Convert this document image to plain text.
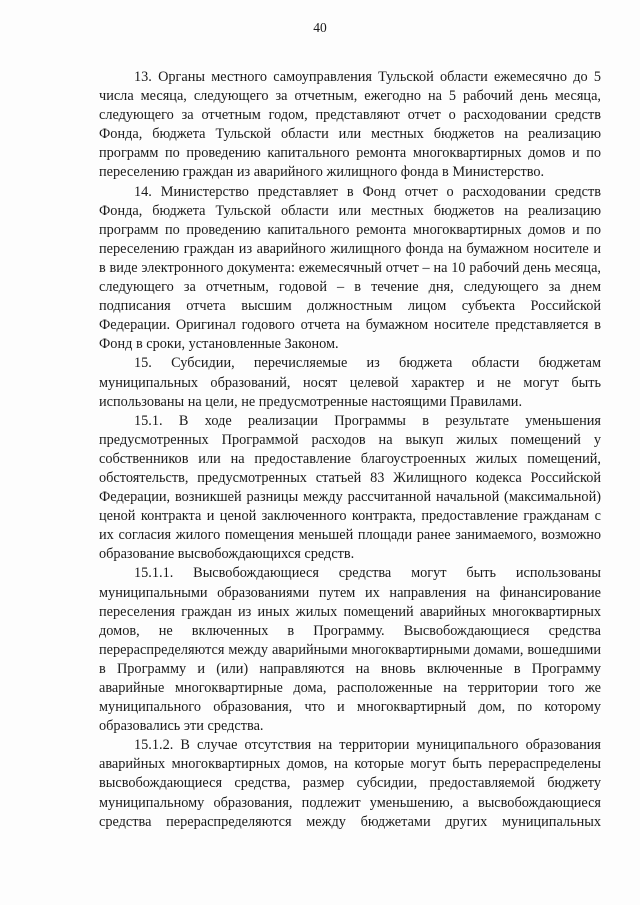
40

13. Органы местного самоуправления Тульской области ежемесячно до 5 числа месяца, следующего за отчетным, ежегодно на 5 рабочий день месяца, следующего за отчетным годом, представляют отчет о расходовании средств Фонда, бюджета Тульской области или местных бюджетов на реализацию программ по проведению капитального ремонта многоквартирных домов и по переселению граждан из аварийного жилищного фонда в Министерство.

14. Министерство представляет в Фонд отчет о расходовании средств Фонда, бюджета Тульской области или местных бюджетов на реализацию программ по проведению капитального ремонта многоквартирных домов и по переселению граждан из аварийного жилищного фонда на бумажном носителе и в виде электронного документа: ежемесячный отчет – на 10 рабочий день месяца, следующего за отчетным, годовой – в течение дня, следующего за днем подписания отчета высшим должностным лицом субъекта Российской Федерации. Оригинал годового отчета на бумажном носителе представляется в Фонд в сроки, установленные Законом.

15. Субсидии, перечисляемые из бюджета области бюджетам муниципальных образований, носят целевой характер и не могут быть использованы на цели, не предусмотренные настоящими Правилами.

15.1. В ходе реализации Программы в результате уменьшения предусмотренных Программой расходов на выкуп жилых помещений у собственников или на предоставление благоустроенных жилых помещений, обстоятельств, предусмотренных статьей 83 Жилищного кодекса Российской Федерации, возникшей разницы между рассчитанной начальной (максимальной) ценой контракта и ценой заключенного контракта, предоставление гражданам с их согласия жилого помещения меньшей площади ранее занимаемого, возможно образование высвобождающихся средств.

15.1.1. Высвобождающиеся средства могут быть использованы муниципальными образованиями путем их направления на финансирование переселения граждан из иных жилых помещений аварийных многоквартирных домов, не включенных в Программу. Высвобождающиеся средства перераспределяются между аварийными многоквартирными домами, вошедшими в Программу и (или) направляются на вновь включенные в Программу аварийные многоквартирные дома, расположенные на территории того же муниципального образования, что и многоквартирный дом, по которому образовались эти средства.

15.1.2. В случае отсутствия на территории муниципального образования аварийных многоквартирных домов, на которые могут быть перераспределены высвобождающиеся средства, размер субсидии, предоставляемой бюджету муниципальному образования, подлежит уменьшению, а высвобождающиеся средства перераспределяются между бюджетами других муниципальных
